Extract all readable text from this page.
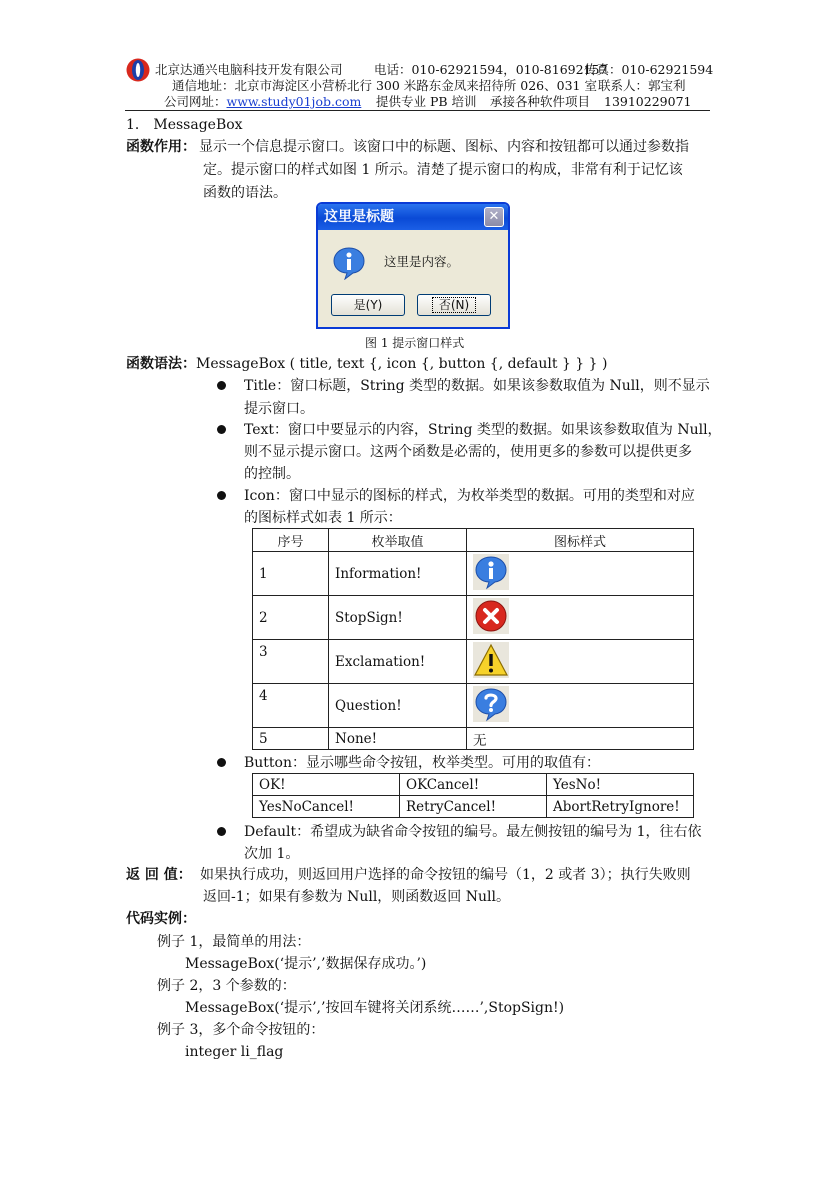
北京达通兴电脑科技开发有限公司	电话：010-62921594，010-81692157
传真：010-62921594
通信地址：北京市海淀区小营桥北行 300 米路东金凤来招待所 026、031 室 联系人：郭宝利
公司网址：www.study01job.com 提供专业 PB 培训 承接各种软件项目 13910229071
1． MessageBox
函数作用： 显示一个信息提示窗口。该窗口中的标题、图标、内容和按钮都可以通过参数指
定。提示窗口的样式如图 1 所示。清楚了提示窗口的构成，非常有利于记忆该
函数的语法。
这里是标题	✕
这里是内容。
是(Y)	否(N)
图 1 提示窗口样式
函数语法：MessageBox ( title, text {, icon {, button {, default } } } )
Title：窗口标题，String 类型的数据。如果该参数取值为 Null，则不显示
提示窗口。
Text：窗口中要显示的内容，String 类型的数据。如果该参数取值为 Null，
则不显示提示窗口。这两个函数是必需的，使用更多的参数可以提供更多
的控制。
Icon：窗口中显示的图标的样式，为枚举类型的数据。可用的类型和对应
的图标样式如表 1 所示：
序号	枚举取值	图标样式
1	Information!	
2	StopSign!	
3	Exclamation!	
4	Question!	
5	None!	无
Button：显示哪些命令按钮，枚举类型。可用的取值有：
OK!	OKCancel!	YesNo!
YesNoCancel!	RetryCancel!	AbortRetryIgnore!
Default：希望成为缺省命令按钮的编号。最左侧按钮的编号为 1，往右依
次加 1。
返 回 值： 如果执行成功，则返回用户选择的命令按钮的编号（1，2 或者 3）；执行失败则
返回-1；如果有参数为 Null，则函数返回 Null。
代码实例：
例子 1，最简单的用法：
MessageBox(‘提示’,’数据保存成功。’)
例子 2，3 个参数的：
MessageBox(‘提示’,’按回车键将关闭系统……’,StopSign!)
例子 3，多个命令按钮的：
integer li_flag
